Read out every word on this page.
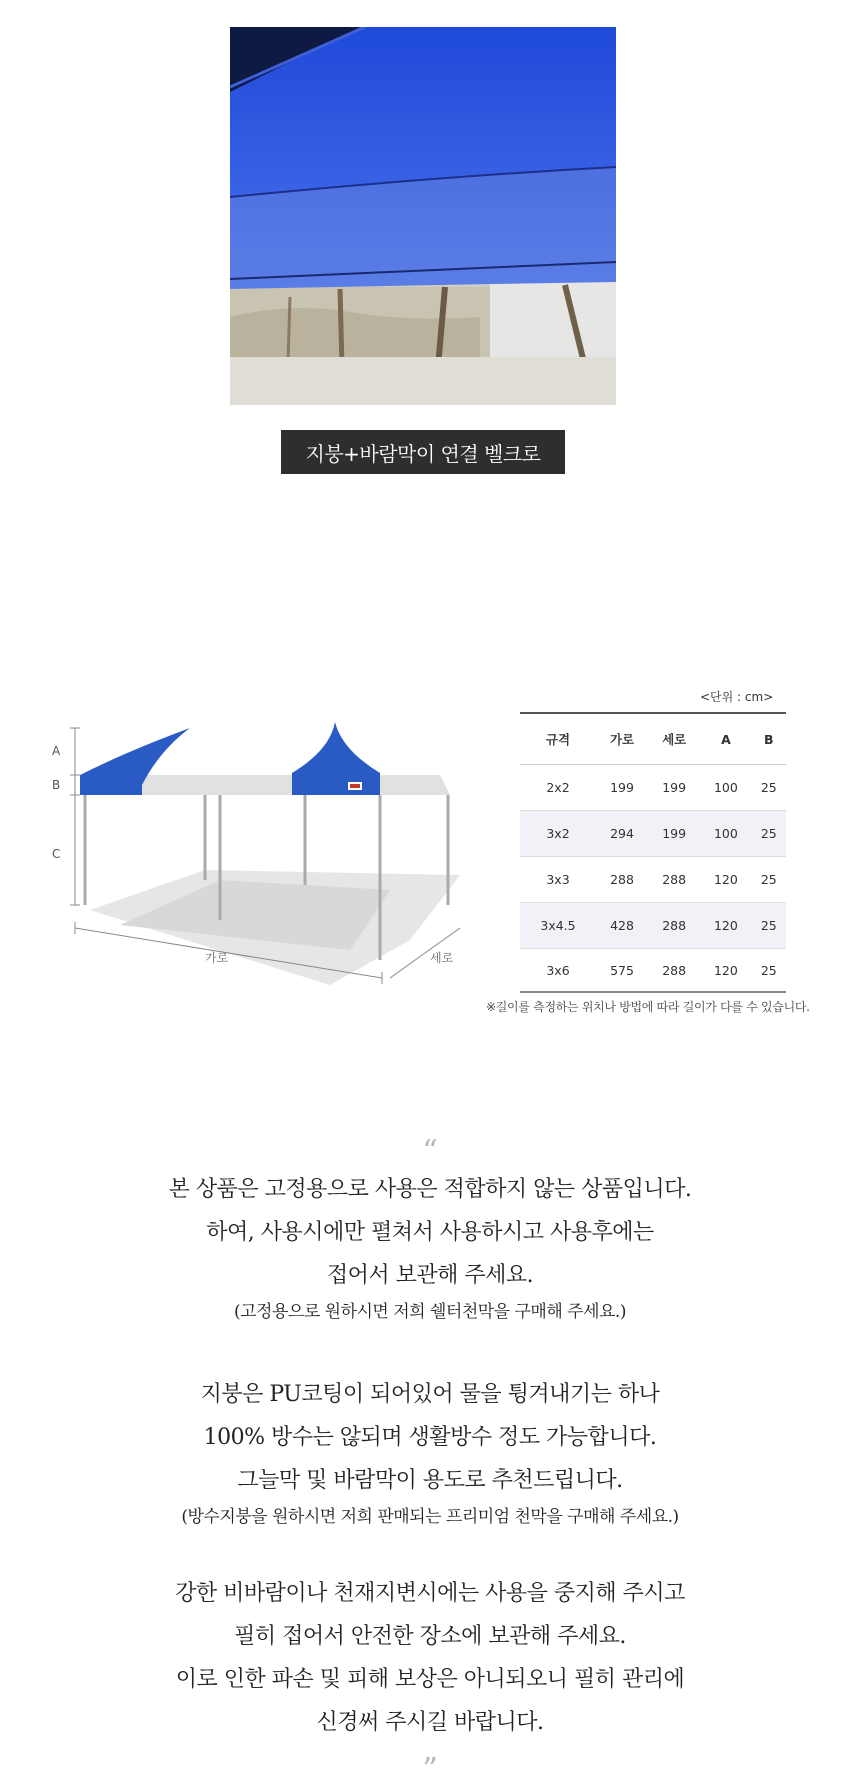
지붕+바람막이 연결 벨크로
A
B
C
가로	세로
<단위 : cm>
규격	가로	세로	A	B
2x2	199	199	100	25
3x2	294	199	100	25
3x3	288	288	120	25
3x4.5	428	288	120	25
3x6	575	288	120	25
※길이를 측정하는 위치나 방법에 따라 길이가 다를 수 있습니다.
“
본 상품은 고정용으로 사용은 적합하지 않는 상품입니다.
하여, 사용시에만 펼쳐서 사용하시고 사용후에는
접어서 보관해 주세요.
(고정용으로 원하시면 저희 쉘터천막을 구매해 주세요.)
지붕은 PU코팅이 되어있어 물을 튕겨내기는 하나
100% 방수는 않되며 생활방수 정도 가능합니다.
그늘막 및 바람막이 용도로 추천드립니다.
(방수지붕을 원하시면 저희 판매되는 프리미엄 천막을 구매해 주세요.)
강한 비바람이나 천재지변시에는 사용을 중지해 주시고
필히 접어서 안전한 장소에 보관해 주세요.
이로 인한 파손 및 피해 보상은 아니되오니 필히 관리에
신경써 주시길 바랍니다.
”
